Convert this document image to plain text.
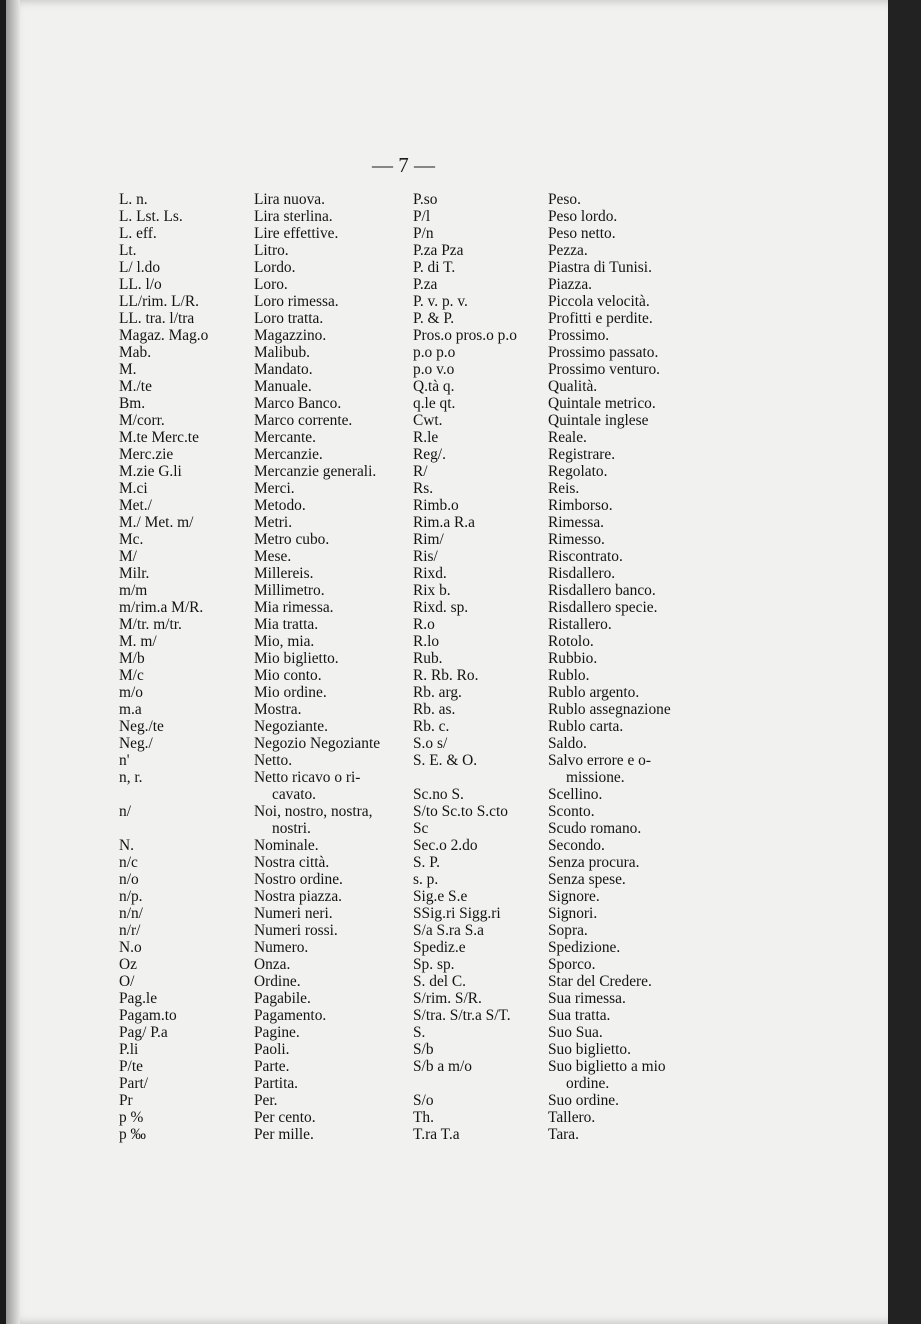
— 7 —
L. n.
L. Lst. Ls.
L. eff.
Lt.
L/ l.do
LL. l/o
LL/rim. L/R.
LL. tra. l/tra
Magaz. Mag.o
Mab.
M.
M./te
Bm.
M/corr.
M.te Merc.te
Merc.zie
M.zie G.li
M.ci
Met./
M./ Met. m/
Mc.
M/
Milr.
m/m
m/rim.a M/R.
M/tr. m/tr.
M. m/
M/b
M/c
m/o
m.a
Neg./te
Neg./
n'
n, r.
n/
N.
n/c
n/o
n/p.
n/n/
n/r/
N.o
Oz
O/
Pag.le
Pagam.to
Pag/ P.a
P.li
P/te
Part/
Pr
p %
p ‰
Lira nuova.
Lira sterlina.
Lire effettive.
Litro.
Lordo.
Loro.
Loro rimessa.
Loro tratta.
Magazzino.
Malibub.
Mandato.
Manuale.
Marco Banco.
Marco corrente.
Mercante.
Mercanzie.
Mercanzie generali.
Merci.
Metodo.
Metri.
Metro cubo.
Mese.
Millereis.
Millimetro.
Mia rimessa.
Mia tratta.
Mio, mia.
Mio biglietto.
Mio conto.
Mio ordine.
Mostra.
Negoziante.
Negozio Negoziante
Netto.
Netto ricavo o ri-
cavato.
Noi, nostro, nostra,
nostri.
Nominale.
Nostra città.
Nostro ordine.
Nostra piazza.
Numeri neri.
Numeri rossi.
Numero.
Onza.
Ordine.
Pagabile.
Pagamento.
Pagine.
Paoli.
Parte.
Partita.
Per.
Per cento.
Per mille.
P.so
P/l
P/n
P.za Pza
P. di T.
P.za
P. v. p. v.
P. & P.
Pros.o pros.o p.o
p.o p.o
p.o v.o
Q.tà q.
q.le qt.
Cwt.
R.le
Reg/.
R/
Rs.
Rimb.o
Rim.a R.a
Rim/
Ris/
Rixd.
Rix b.
Rixd. sp.
R.o
R.lo
Rub.
R. Rb. Ro.
Rb. arg.
Rb. as.
Rb. c.
S.o s/
S. E. & O.
Sc.no S.
S/to Sc.to S.cto
Sc
Sec.o 2.do
S. P.
s. p.
Sig.e S.e
SSig.ri Sigg.ri
S/a S.ra S.a
Spediz.e
Sp. sp.
S. del C.
S/rim. S/R.
S/tra. S/tr.a S/T.
S.
S/b
S/b a m/o
S/o
Th.
T.ra T.a
Peso.
Peso lordo.
Peso netto.
Pezza.
Piastra di Tunisi.
Piazza.
Piccola velocità.
Profitti e perdite.
Prossimo.
Prossimo passato.
Prossimo venturo.
Qualità.
Quintale metrico.
Quintale inglese
Reale.
Registrare.
Regolato.
Reis.
Rimborso.
Rimessa.
Rimesso.
Riscontrato.
Risdallero.
Risdallero banco.
Risdallero specie.
Ristallero.
Rotolo.
Rubbio.
Rublo.
Rublo argento.
Rublo assegnazione
Rublo carta.
Saldo.
Salvo errore e o-
missione.
Scellino.
Sconto.
Scudo romano.
Secondo.
Senza procura.
Senza spese.
Signore.
Signori.
Sopra.
Spedizione.
Sporco.
Star del Credere.
Sua rimessa.
Sua tratta.
Suo Sua.
Suo biglietto.
Suo biglietto a mio
ordine.
Suo ordine.
Tallero.
Tara.
